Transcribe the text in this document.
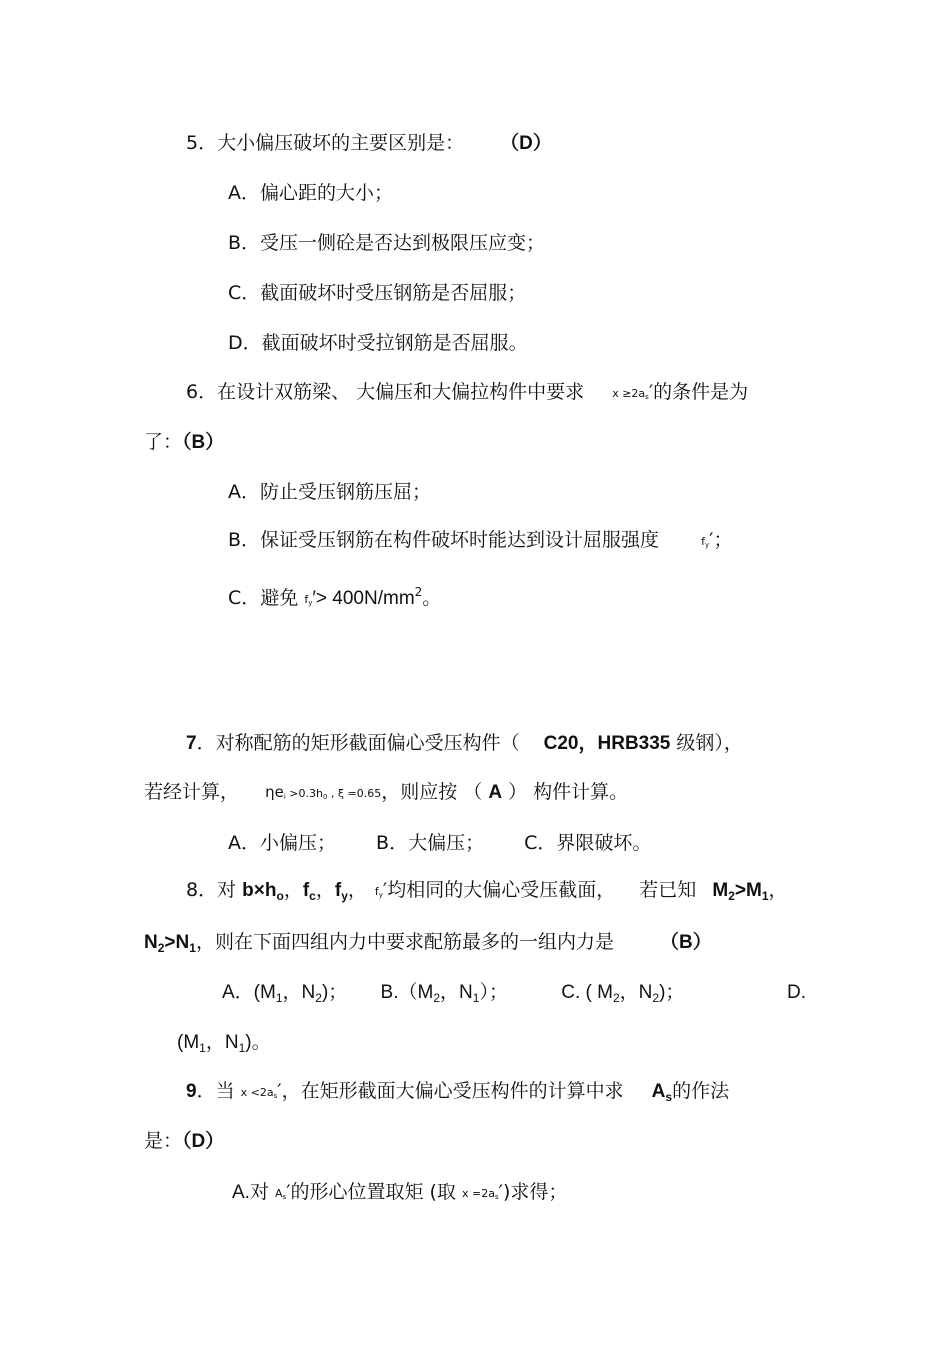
5．大小偏压破坏的主要区别是： （D）
A．偏心距的大小；
B．受压一侧砼是否达到极限压应变；
C．截面破坏时受压钢筋是否屈服；
D．截面破坏时受拉钢筋是否屈服。
6．在设计双筋梁、 大偏压和大偏拉构件中要求	$x \ge 2a_s'$的条件是为
了：（B）
A．防止受压钢筋压屈；
B．保证受压钢筋在构件破坏时能达到设计屈服强度	$f_y'$；
C．避免 $f_y'> 400N/mm^2$。
7．对称配筋的矩形截面偏心受压构件（ C20，HRB335 级钢），
若经计算， $\eta e_i >0.3h_0$ , ξ =0.65，则应按 （ A ） 构件计算。
A．小偏压； B．大偏压； C．界限破坏。
8．对 $b\times h_o$，$f_c$，$f_y$， $f_y'$均相同的大偏心受压截面， 若已知 $M_2>M_1$，
$N_2>N_1$，则在下面四组内力中要求配筋最多的一组内力是 （B）
A．($M_1$，$N_2$)； $B.(M_2$，$N_1$）；	C. ( $M_2$，$N_2$)；	D.
($M_1$，$N_1$)。
9．当 $x <2a_s'$，在矩形截面大偏心受压构件的计算中求 $A_s$的作法
是：（D）
A.对 $A_s'$的形心位置取矩 (取 $x =2a_s'$)求得；
